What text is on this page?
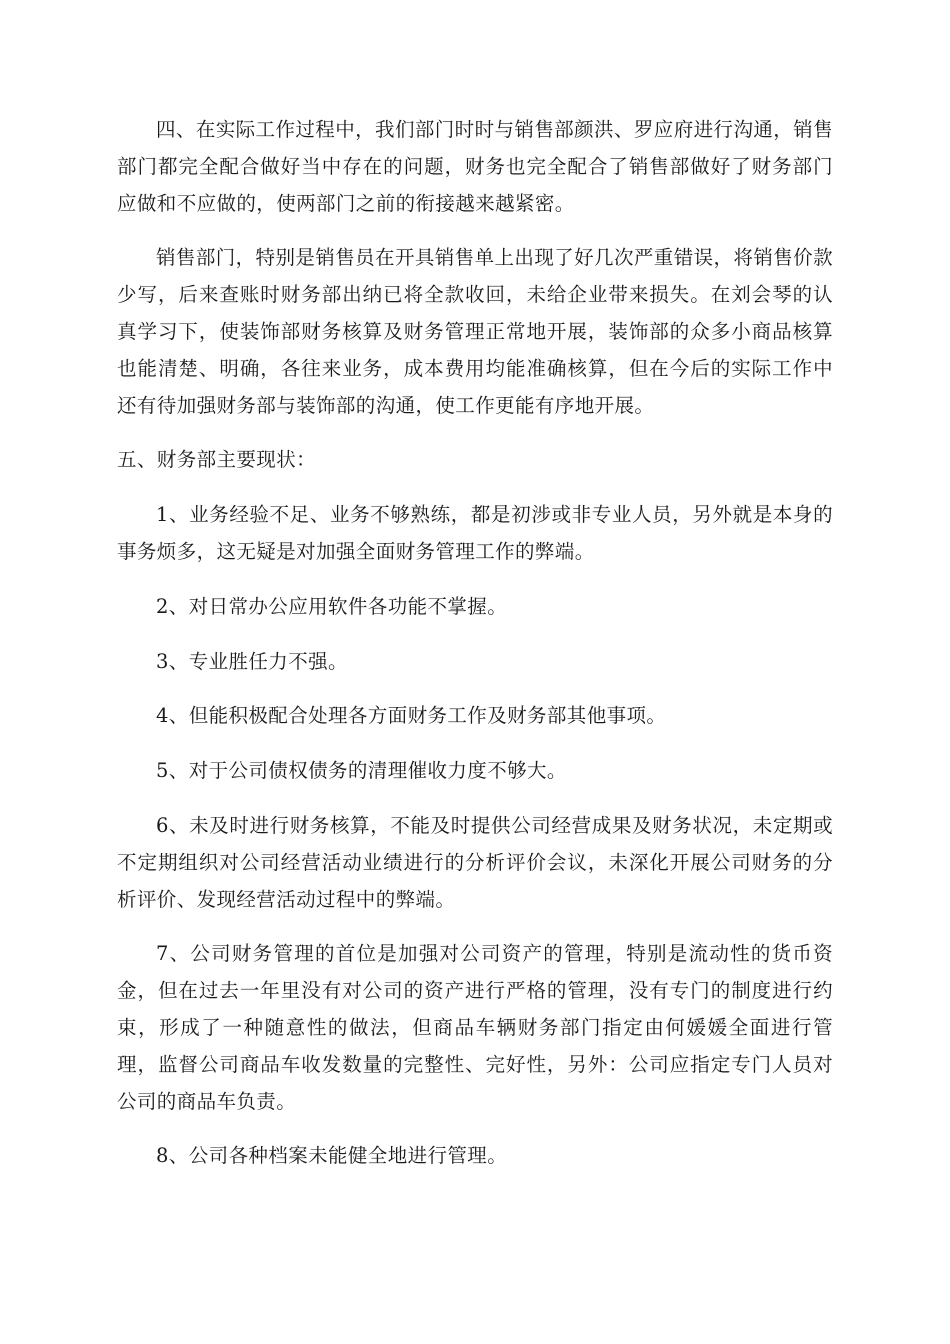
四、在实际工作过程中，我们部门时时与销售部颜洪、罗应府进行沟通，销售部门都完全配合做好当中存在的问题，财务也完全配合了销售部做好了财务部门应做和不应做的，使两部门之前的衔接越来越紧密。

销售部门，特别是销售员在开具销售单上出现了好几次严重错误，将销售价款少写，后来查账时财务部出纳已将全款收回，未给企业带来损失。在刘会琴的认真学习下，使装饰部财务核算及财务管理正常地开展，装饰部的众多小商品核算也能清楚、明确，各往来业务，成本费用均能准确核算，但在今后的实际工作中还有待加强财务部与装饰部的沟通，使工作更能有序地开展。

五、财务部主要现状：

1、业务经验不足、业务不够熟练，都是初涉或非专业人员，另外就是本身的事务烦多，这无疑是对加强全面财务管理工作的弊端。

2、对日常办公应用软件各功能不掌握。

3、专业胜任力不强。

4、但能积极配合处理各方面财务工作及财务部其他事项。

5、对于公司债权债务的清理催收力度不够大。

6、未及时进行财务核算，不能及时提供公司经营成果及财务状况，未定期或不定期组织对公司经营活动业绩进行的分析评价会议，未深化开展公司财务的分析评价、发现经营活动过程中的弊端。

7、公司财务管理的首位是加强对公司资产的管理，特别是流动性的货币资金，但在过去一年里没有对公司的资产进行严格的管理，没有专门的制度进行约束，形成了一种随意性的做法，但商品车辆财务部门指定由何媛媛全面进行管理，监督公司商品车收发数量的完整性、完好性，另外：公司应指定专门人员对公司的商品车负责。

8、公司各种档案未能健全地进行管理。
